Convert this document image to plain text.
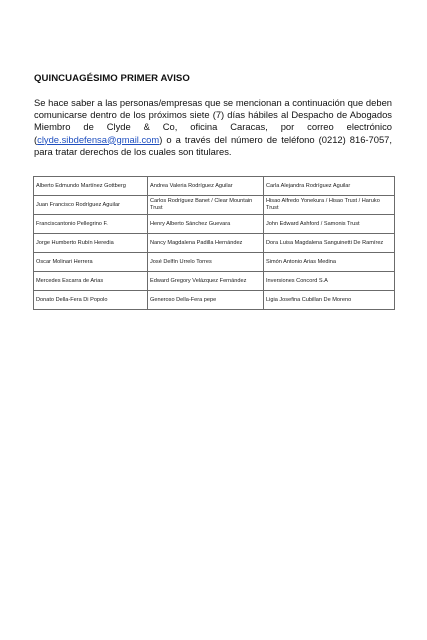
QUINCUAGÉSIMO PRIMER AVISO
Se hace saber a las personas/empresas que se mencionan a continuación que deben comunicarse dentro de los próximos siete (7) días hábiles al Despacho de Abogados Miembro de Clyde & Co, oficina Caracas, por correo electrónico (clyde.sibdefensa@gmail.com) o a través del número de teléfono (0212) 816-7057, para tratar derechos de los cuales son titulares.
Alberto Edmundo Martínez Gottberg	Andrea Valeria Rodríguez Aguilar	Carla Alejandra Rodríguez Aguilar
Juan Francisco Rodríguez Aguilar	Carlos Rodríguez Banet / Clear Mountain Trust	Hisao Alfredo Yonekura / Hisao Trust / Haruko Trust
Franciscantonio Pellegrino F.	Henry Alberto Sánchez Guevara	John Edward Ashford / Samonis Trust
Jorge Humberto Rubín Heredia	Nancy Magdalena Padilla Hernández	Dora Luisa Magdalena Sanguinetti De Ramírez
Oscar Molinari Herrera	José Delfín Urrelo Torres	Simón Antonio Arias Medina
Mercedes Escarra de Arias	Edward Gregory Velázquez Fernández	Inversiones Concord S.A
Donato Della-Fera Di Popolo	Generoso Della-Fera pepe	Ligia Josefina Cubillan De Moreno
